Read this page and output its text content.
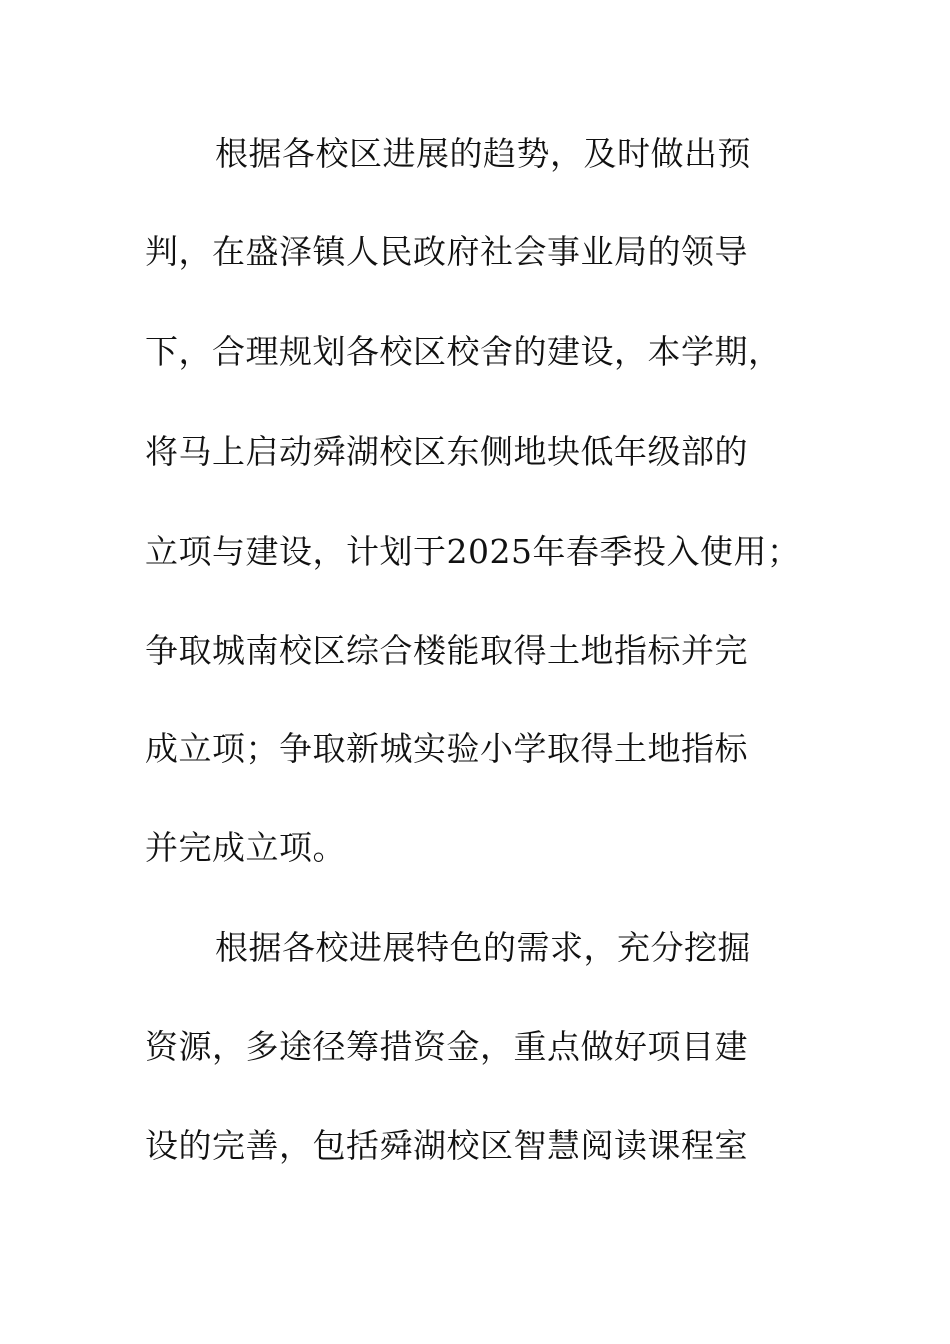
根据各校区进展的趋势，及时做出预
判，在盛泽镇人民政府社会事业局的领导
下，合理规划各校区校舍的建设，本学期，
将马上启动舜湖校区东侧地块低年级部的
立项与建设，计划于2025年春季投入使用；
争取城南校区综合楼能取得土地指标并完
成立项；争取新城实验小学取得土地指标
并完成立项。
根据各校进展特色的需求，充分挖掘
资源，多途径筹措资金，重点做好项目建
设的完善，包括舜湖校区智慧阅读课程室
